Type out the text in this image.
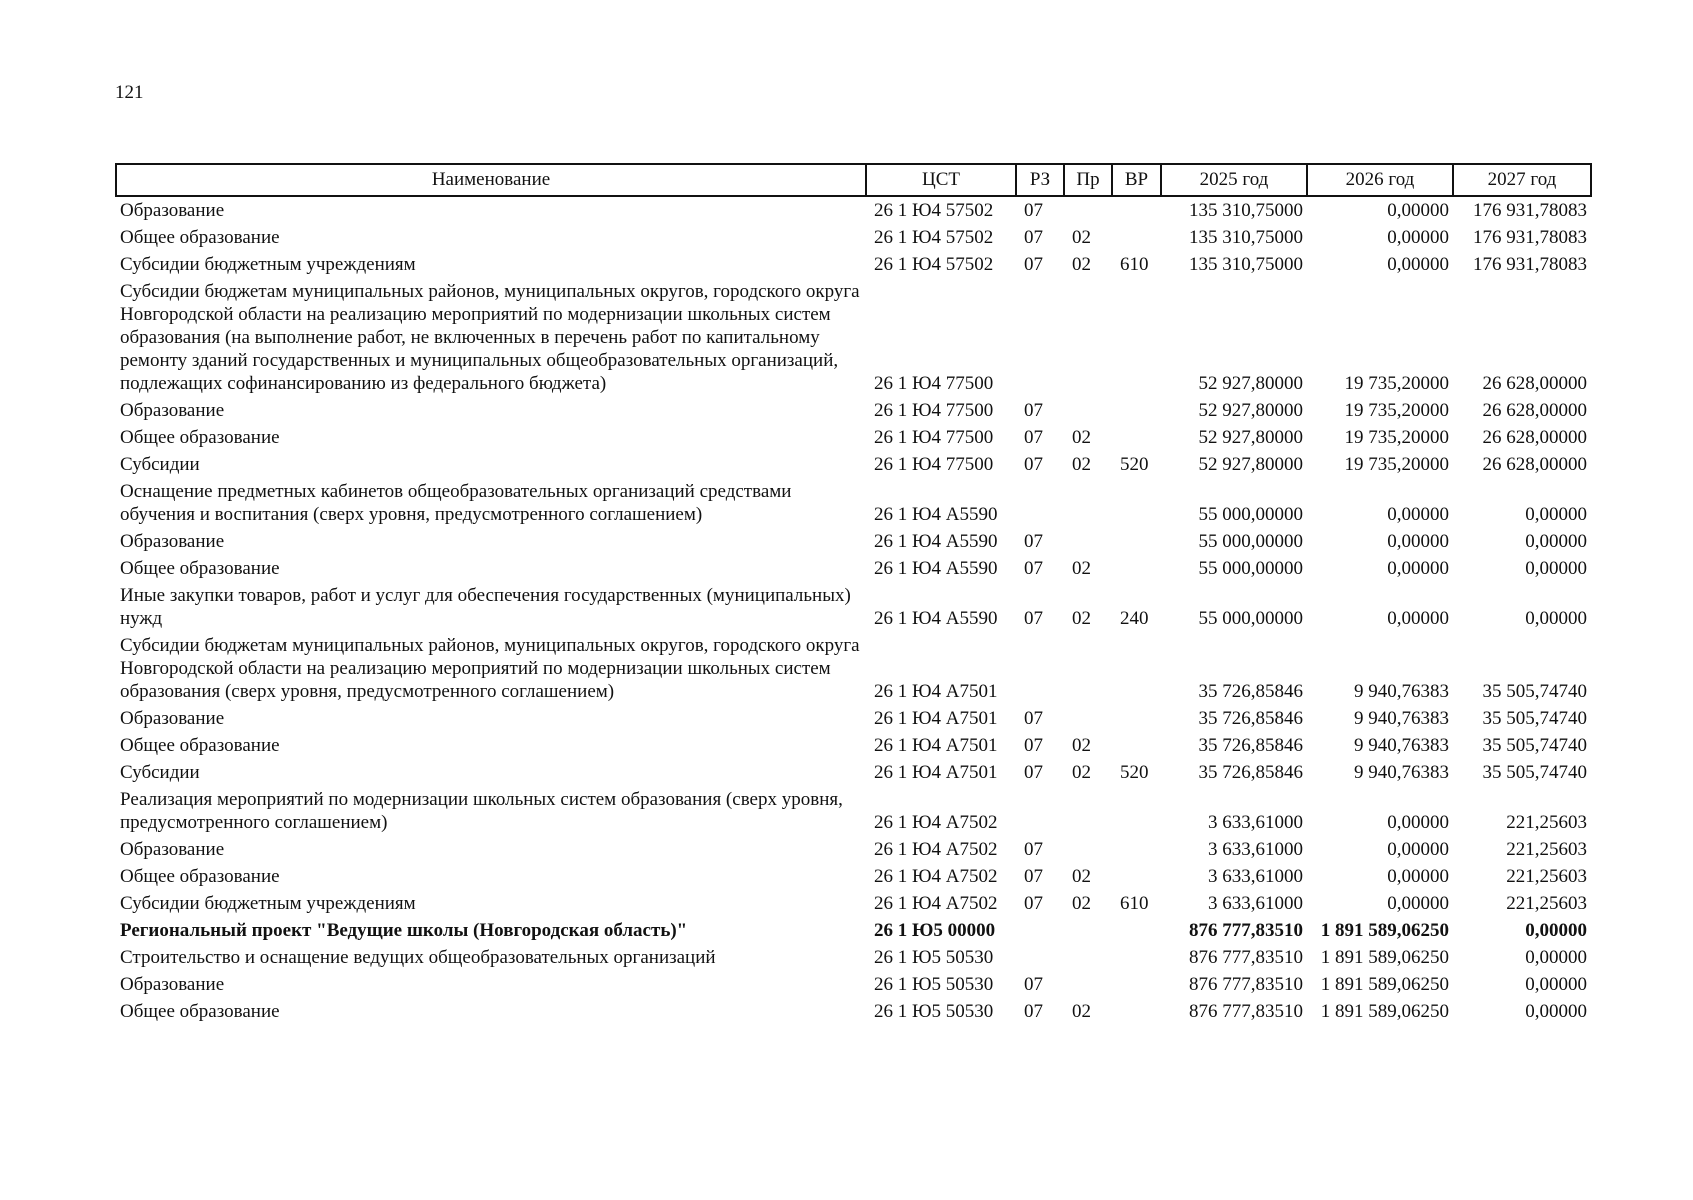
121
Наименование	ЦСТ	РЗ	Пр	ВР	2025 год	2026 год	2027 год
Образование	26 1 Ю4 57502	07			135 310,75000	0,00000	176 931,78083
Общее образование	26 1 Ю4 57502	07	02		135 310,75000	0,00000	176 931,78083
Субсидии бюджетным учреждениям	26 1 Ю4 57502	07	02	610	135 310,75000	0,00000	176 931,78083
Субсидии бюджетам муниципальных районов, муниципальных округов, городского округа Новгородской области на реализацию мероприятий по модернизации школьных систем образования (на выполнение работ, не включенных в перечень работ по капитальному ремонту зданий государственных и муниципальных общеобразовательных организаций, подлежащих софинансированию из федерального бюджета)	26 1 Ю4 77500				52 927,80000	19 735,20000	26 628,00000
Образование	26 1 Ю4 77500	07			52 927,80000	19 735,20000	26 628,00000
Общее образование	26 1 Ю4 77500	07	02		52 927,80000	19 735,20000	26 628,00000
Субсидии	26 1 Ю4 77500	07	02	520	52 927,80000	19 735,20000	26 628,00000
Оснащение предметных кабинетов общеобразовательных организаций средствами обучения и воспитания (сверх уровня, предусмотренного соглашением)	26 1 Ю4 А5590				55 000,00000	0,00000	0,00000
Образование	26 1 Ю4 А5590	07			55 000,00000	0,00000	0,00000
Общее образование	26 1 Ю4 А5590	07	02		55 000,00000	0,00000	0,00000
Иные закупки товаров, работ и услуг для обеспечения государственных (муниципальных) нужд	26 1 Ю4 А5590	07	02	240	55 000,00000	0,00000	0,00000
Субсидии бюджетам муниципальных районов, муниципальных округов, городского округа Новгородской области на реализацию мероприятий по модернизации школьных систем образования (сверх уровня, предусмотренного соглашением)	26 1 Ю4 А7501				35 726,85846	9 940,76383	35 505,74740
Образование	26 1 Ю4 А7501	07			35 726,85846	9 940,76383	35 505,74740
Общее образование	26 1 Ю4 А7501	07	02		35 726,85846	9 940,76383	35 505,74740
Субсидии	26 1 Ю4 А7501	07	02	520	35 726,85846	9 940,76383	35 505,74740
Реализация мероприятий по модернизации школьных систем образования (сверх уровня, предусмотренного соглашением)	26 1 Ю4 А7502				3 633,61000	0,00000	221,25603
Образование	26 1 Ю4 А7502	07			3 633,61000	0,00000	221,25603
Общее образование	26 1 Ю4 А7502	07	02		3 633,61000	0,00000	221,25603
Субсидии бюджетным учреждениям	26 1 Ю4 А7502	07	02	610	3 633,61000	0,00000	221,25603
Региональный проект "Ведущие школы (Новгородская область)"	26 1 Ю5 00000				876 777,83510	1 891 589,06250	0,00000
Строительство и оснащение ведущих общеобразовательных организаций	26 1 Ю5 50530				876 777,83510	1 891 589,06250	0,00000
Образование	26 1 Ю5 50530	07			876 777,83510	1 891 589,06250	0,00000
Общее образование	26 1 Ю5 50530	07	02		876 777,83510	1 891 589,06250	0,00000
